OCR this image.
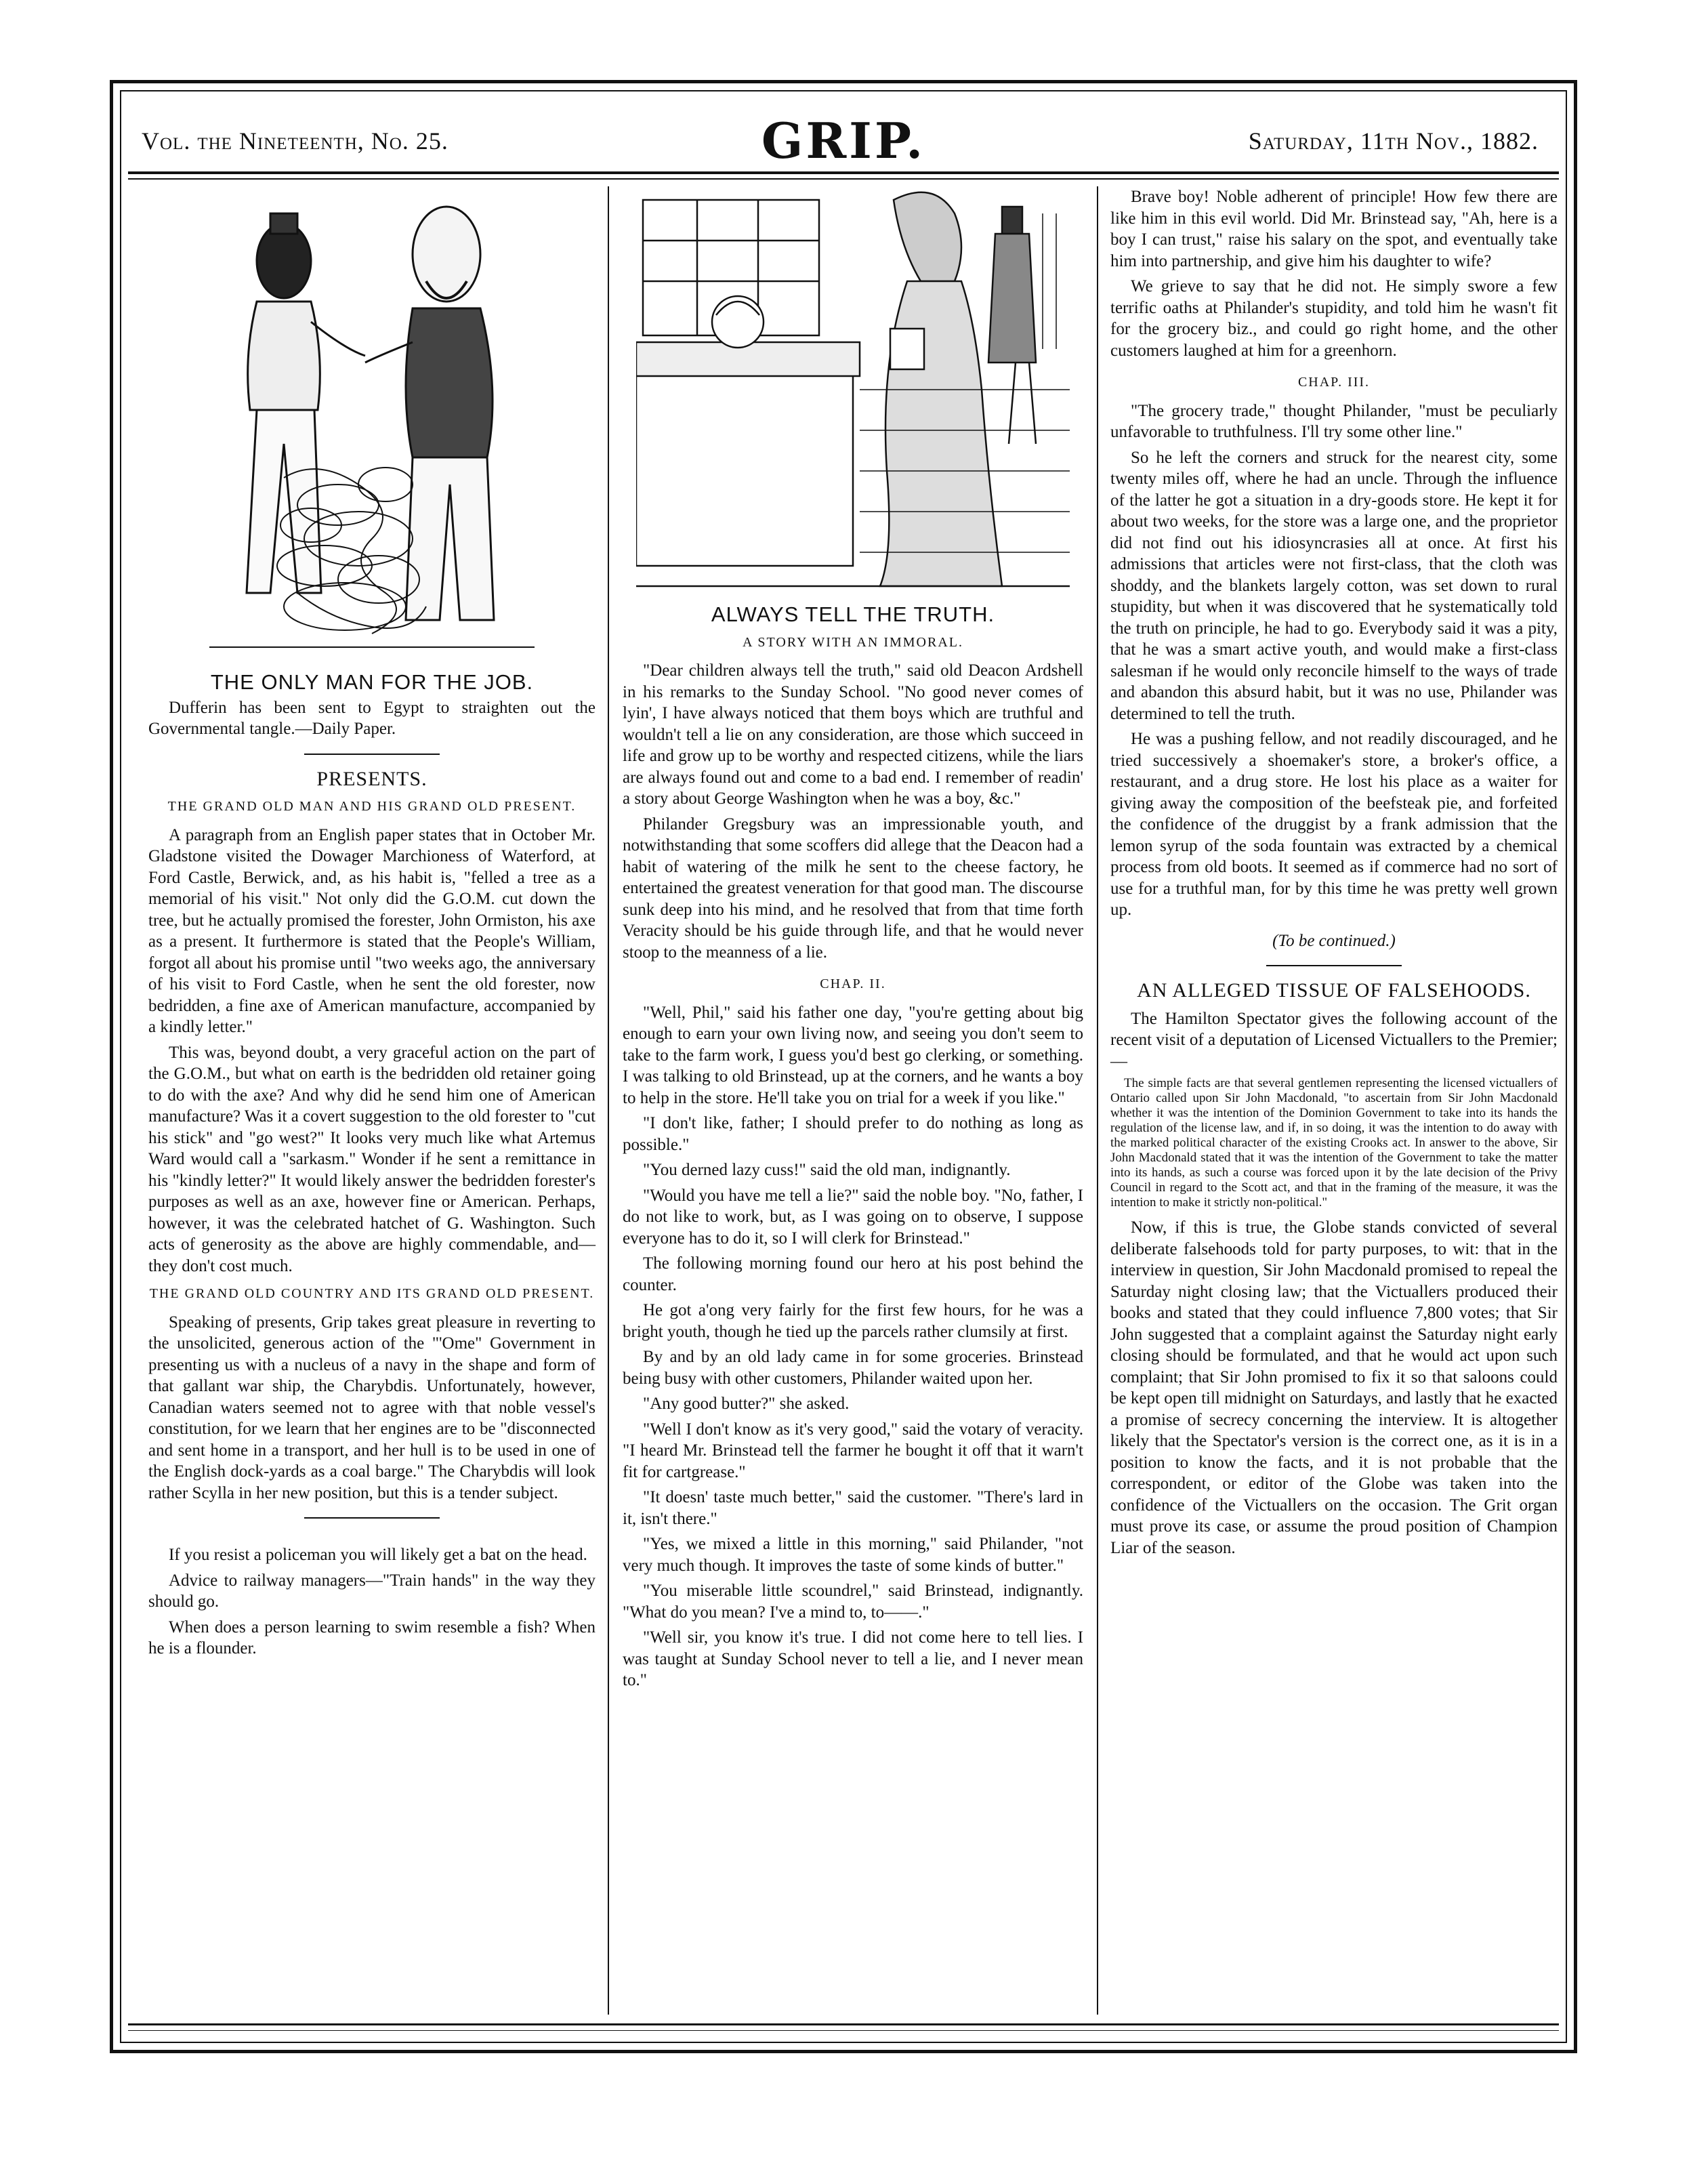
Vol. the Nineteenth, No. 25.	GRIP.	Saturday, 11th Nov., 1882.
THE ONLY MAN FOR THE JOB.

Dufferin has been sent to Egypt to straighten out the Governmental tangle.—Daily Paper.

PRESENTS.
THE GRAND OLD MAN AND HIS GRAND OLD PRESENT.

A paragraph from an English paper states that in October Mr. Gladstone visited the Dowager Marchioness of Waterford, at Ford Castle, Berwick, and, as his habit is, "felled a tree as a memorial of his visit." Not only did the G.O.M. cut down the tree, but he actually promised the forester, John Ormiston, his axe as a present. It furthermore is stated that the People's William, forgot all about his promise until "two weeks ago, the anniversary of his visit to Ford Castle, when he sent the old forester, now bedridden, a fine axe of American manufacture, accompanied by a kindly letter."

This was, beyond doubt, a very graceful action on the part of the G.O.M., but what on earth is the bedridden old retainer going to do with the axe? And why did he send him one of American manufacture? Was it a covert suggestion to the old forester to "cut his stick" and "go west?" It looks very much like what Artemus Ward would call a "sarkasm." Wonder if he sent a remittance in his "kindly letter?" It would likely answer the bedridden forester's purposes as well as an axe, however fine or American. Perhaps, however, it was the celebrated hatchet of G. Washington. Such acts of generosity as the above are highly commendable, and—they don't cost much.

THE GRAND OLD COUNTRY AND ITS GRAND OLD PRESENT.

Speaking of presents, Grip takes great pleasure in reverting to the unsolicited, generous action of the "'Ome" Government in presenting us with a nucleus of a navy in the shape and form of that gallant war ship, the Charybdis. Unfortunately, however, Canadian waters seemed not to agree with that noble vessel's constitution, for we learn that her engines are to be "disconnected and sent home in a transport, and her hull is to be used in one of the English dock-yards as a coal barge." The Charybdis will look rather Scylla in her new position, but this is a tender subject.

If you resist a policeman you will likely get a bat on the head.

Advice to railway managers—"Train hands" in the way they should go.

When does a person learning to swim resemble a fish? When he is a flounder.

ALWAYS TELL THE TRUTH.
A STORY WITH AN IMMORAL.

"Dear children always tell the truth," said old Deacon Ardshell in his remarks to the Sunday School. "No good never comes of lyin', I have always noticed that them boys which are truthful and wouldn't tell a lie on any consideration, are those which succeed in life and grow up to be worthy and respected citizens, while the liars are always found out and come to a bad end. I remember of readin' a story about George Washington when he was a boy, &c."

Philander Gregsbury was an impressionable youth, and notwithstanding that some scoffers did allege that the Deacon had a habit of watering of the milk he sent to the cheese factory, he entertained the greatest veneration for that good man. The discourse sunk deep into his mind, and he resolved that from that time forth Veracity should be his guide through life, and that he would never stoop to the meanness of a lie.

CHAP. II.

"Well, Phil," said his father one day, "you're getting about big enough to earn your own living now, and seeing you don't seem to take to the farm work, I guess you'd best go clerking, or something. I was talking to old Brinstead, up at the corners, and he wants a boy to help in the store. He'll take you on trial for a week if you like."

"I don't like, father; I should prefer to do nothing as long as possible."

"You derned lazy cuss!" said the old man, indignantly.

"Would you have me tell a lie?" said the noble boy. "No, father, I do not like to work, but, as I was going on to observe, I suppose everyone has to do it, so I will clerk for Brinstead."

The following morning found our hero at his post behind the counter.

He got a'ong very fairly for the first few hours, for he was a bright youth, though he tied up the parcels rather clumsily at first.

By and by an old lady came in for some groceries. Brinstead being busy with other customers, Philander waited upon her.

"Any good butter?" she asked.

"Well I don't know as it's very good," said the votary of veracity. "I heard Mr. Brinstead tell the farmer he bought it off that it warn't fit for cartgrease."

"It doesn' taste much better," said the customer. "There's lard in it, isn't there."

"Yes, we mixed a little in this morning," said Philander, "not very much though. It improves the taste of some kinds of butter."

"You miserable little scoundrel," said Brinstead, indignantly. "What do you mean? I've a mind to, to——."

"Well sir, you know it's true. I did not come here to tell lies. I was taught at Sunday School never to tell a lie, and I never mean to."

Brave boy! Noble adherent of principle! How few there are like him in this evil world. Did Mr. Brinstead say, "Ah, here is a boy I can trust," raise his salary on the spot, and eventually take him into partnership, and give him his daughter to wife?

We grieve to say that he did not. He simply swore a few terrific oaths at Philander's stupidity, and told him he wasn't fit for the grocery biz., and could go right home, and the other customers laughed at him for a greenhorn.

CHAP. III.

"The grocery trade," thought Philander, "must be peculiarly unfavorable to truthfulness. I'll try some other line."

So he left the corners and struck for the nearest city, some twenty miles off, where he had an uncle. Through the influence of the latter he got a situation in a dry-goods store. He kept it for about two weeks, for the store was a large one, and the proprietor did not find out his idiosyncrasies all at once. At first his admissions that articles were not first-class, that the cloth was shoddy, and the blankets largely cotton, was set down to rural stupidity, but when it was discovered that he systematically told the truth on principle, he had to go. Everybody said it was a pity, that he was a smart active youth, and would make a first-class salesman if he would only reconcile himself to the ways of trade and abandon this absurd habit, but it was no use, Philander was determined to tell the truth.

He was a pushing fellow, and not readily discouraged, and he tried successively a shoemaker's store, a broker's office, a restaurant, and a drug store. He lost his place as a waiter for giving away the composition of the beefsteak pie, and forfeited the confidence of the druggist by a frank admission that the lemon syrup of the soda fountain was extracted by a chemical process from old boots. It seemed as if commerce had no sort of use for a truthful man, for by this time he was pretty well grown up.

(To be continued.)

AN ALLEGED TISSUE OF FALSEHOODS.

The Hamilton Spectator gives the following account of the recent visit of a deputation of Licensed Victuallers to the Premier;—

The simple facts are that several gentlemen representing the licensed victuallers of Ontario called upon Sir John Macdonald, "to ascertain from Sir John Macdonald whether it was the intention of the Dominion Government to take into its hands the regulation of the license law, and if, in so doing, it was the intention to do away with the marked political character of the existing Crooks act. In answer to the above, Sir John Macdonald stated that it was the intention of the Government to take the matter into its hands, as such a course was forced upon it by the late decision of the Privy Council in regard to the Scott act, and that in the framing of the measure, it was the intention to make it strictly non-political."

Now, if this is true, the Globe stands convicted of several deliberate falsehoods told for party purposes, to wit: that in the interview in question, Sir John Macdonald promised to repeal the Saturday night closing law; that the Victuallers produced their books and stated that they could influence 7,800 votes; that Sir John suggested that a complaint against the Saturday night early closing should be formulated, and that he would act upon such complaint; that Sir John promised to fix it so that saloons could be kept open till midnight on Saturdays, and lastly that he exacted a promise of secrecy concerning the interview. It is altogether likely that the Spectator's version is the correct one, as it is in a position to know the facts, and it is not probable that the correspondent, or editor of the Globe was taken into the confidence of the Victuallers on the occasion. The Grit organ must prove its case, or assume the proud position of Champion Liar of the season.
